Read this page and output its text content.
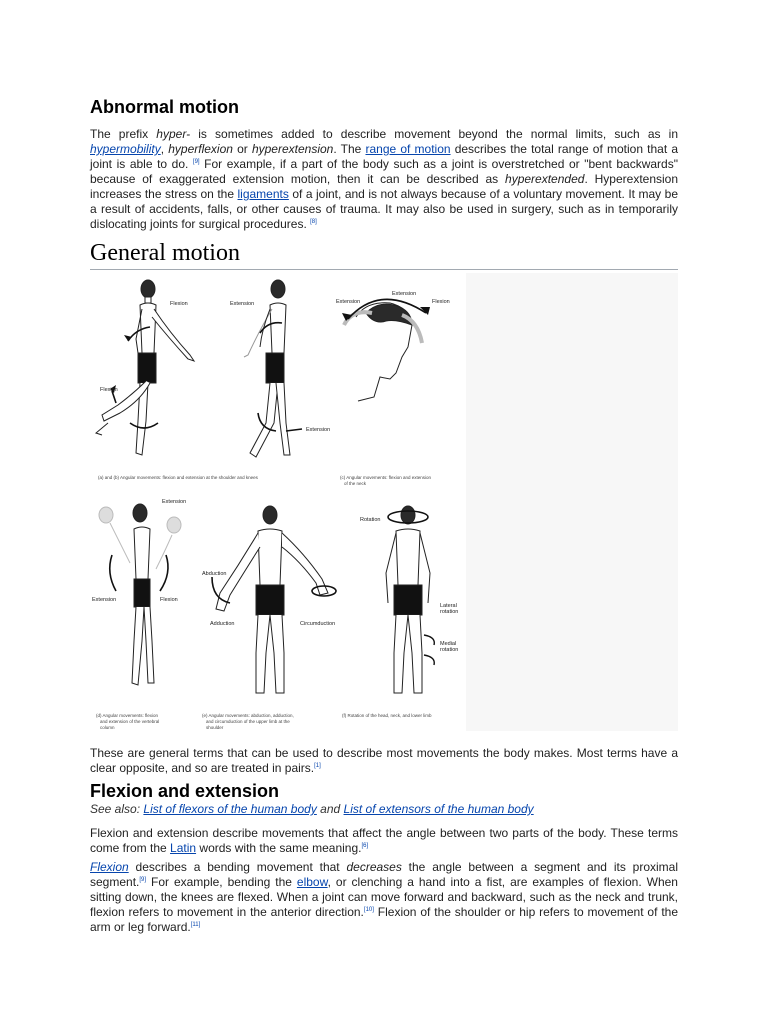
Abnormal motion

The prefix hyper- is sometimes added to describe movement beyond the normal limits, such as in hypermobility, hyperflexion or hyperextension. The range of motion describes the total range of motion that a joint is able to do. [9] For example, if a part of the body such as a joint is overstretched or "bent backwards" because of exaggerated extension motion, then it can be described as hyperextended. Hyperextension increases the stress on the ligaments of a joint, and is not always because of a voluntary movement. It may be a result of accidents, falls, or other causes of trauma. It may also be used in surgery, such as in temporarily dislocating joints for surgical procedures. [8]

General motion
Flexion
Flexion
Extension
Extension
Extension
Extension	Flexion
(a) and (b) Angular movements: flexion and extension at the shoulder and knees	(c) Angular movements: flexion and extension
of the neck
Extension
Extension	Flexion
Abduction
Adduction	Circumduction
Rotation
Lateral
rotation
Medial
rotation
(d) Angular movements: flexion
and extension of the vertebral
column
(e) Angular movements: abduction, adduction,
and circumduction of the upper limb at the
shoulder
(f) Rotation of the head, neck, and lower limb

These are general terms that can be used to describe most movements the body makes. Most terms have a clear opposite, and so are treated in pairs.[1]

Flexion and extension
See also: List of flexors of the human body and List of extensors of the human body

Flexion and extension describe movements that affect the angle between two parts of the body. These terms come from the Latin words with the same meaning.[6]

Flexion describes a bending movement that decreases the angle between a segment and its proximal segment.[9] For example, bending the elbow, or clenching a hand into a fist, are examples of flexion. When sitting down, the knees are flexed. When a joint can move forward and backward, such as the neck and trunk, flexion refers to movement in the anterior direction.[10] Flexion of the shoulder or hip refers to movement of the arm or leg forward.[11]
